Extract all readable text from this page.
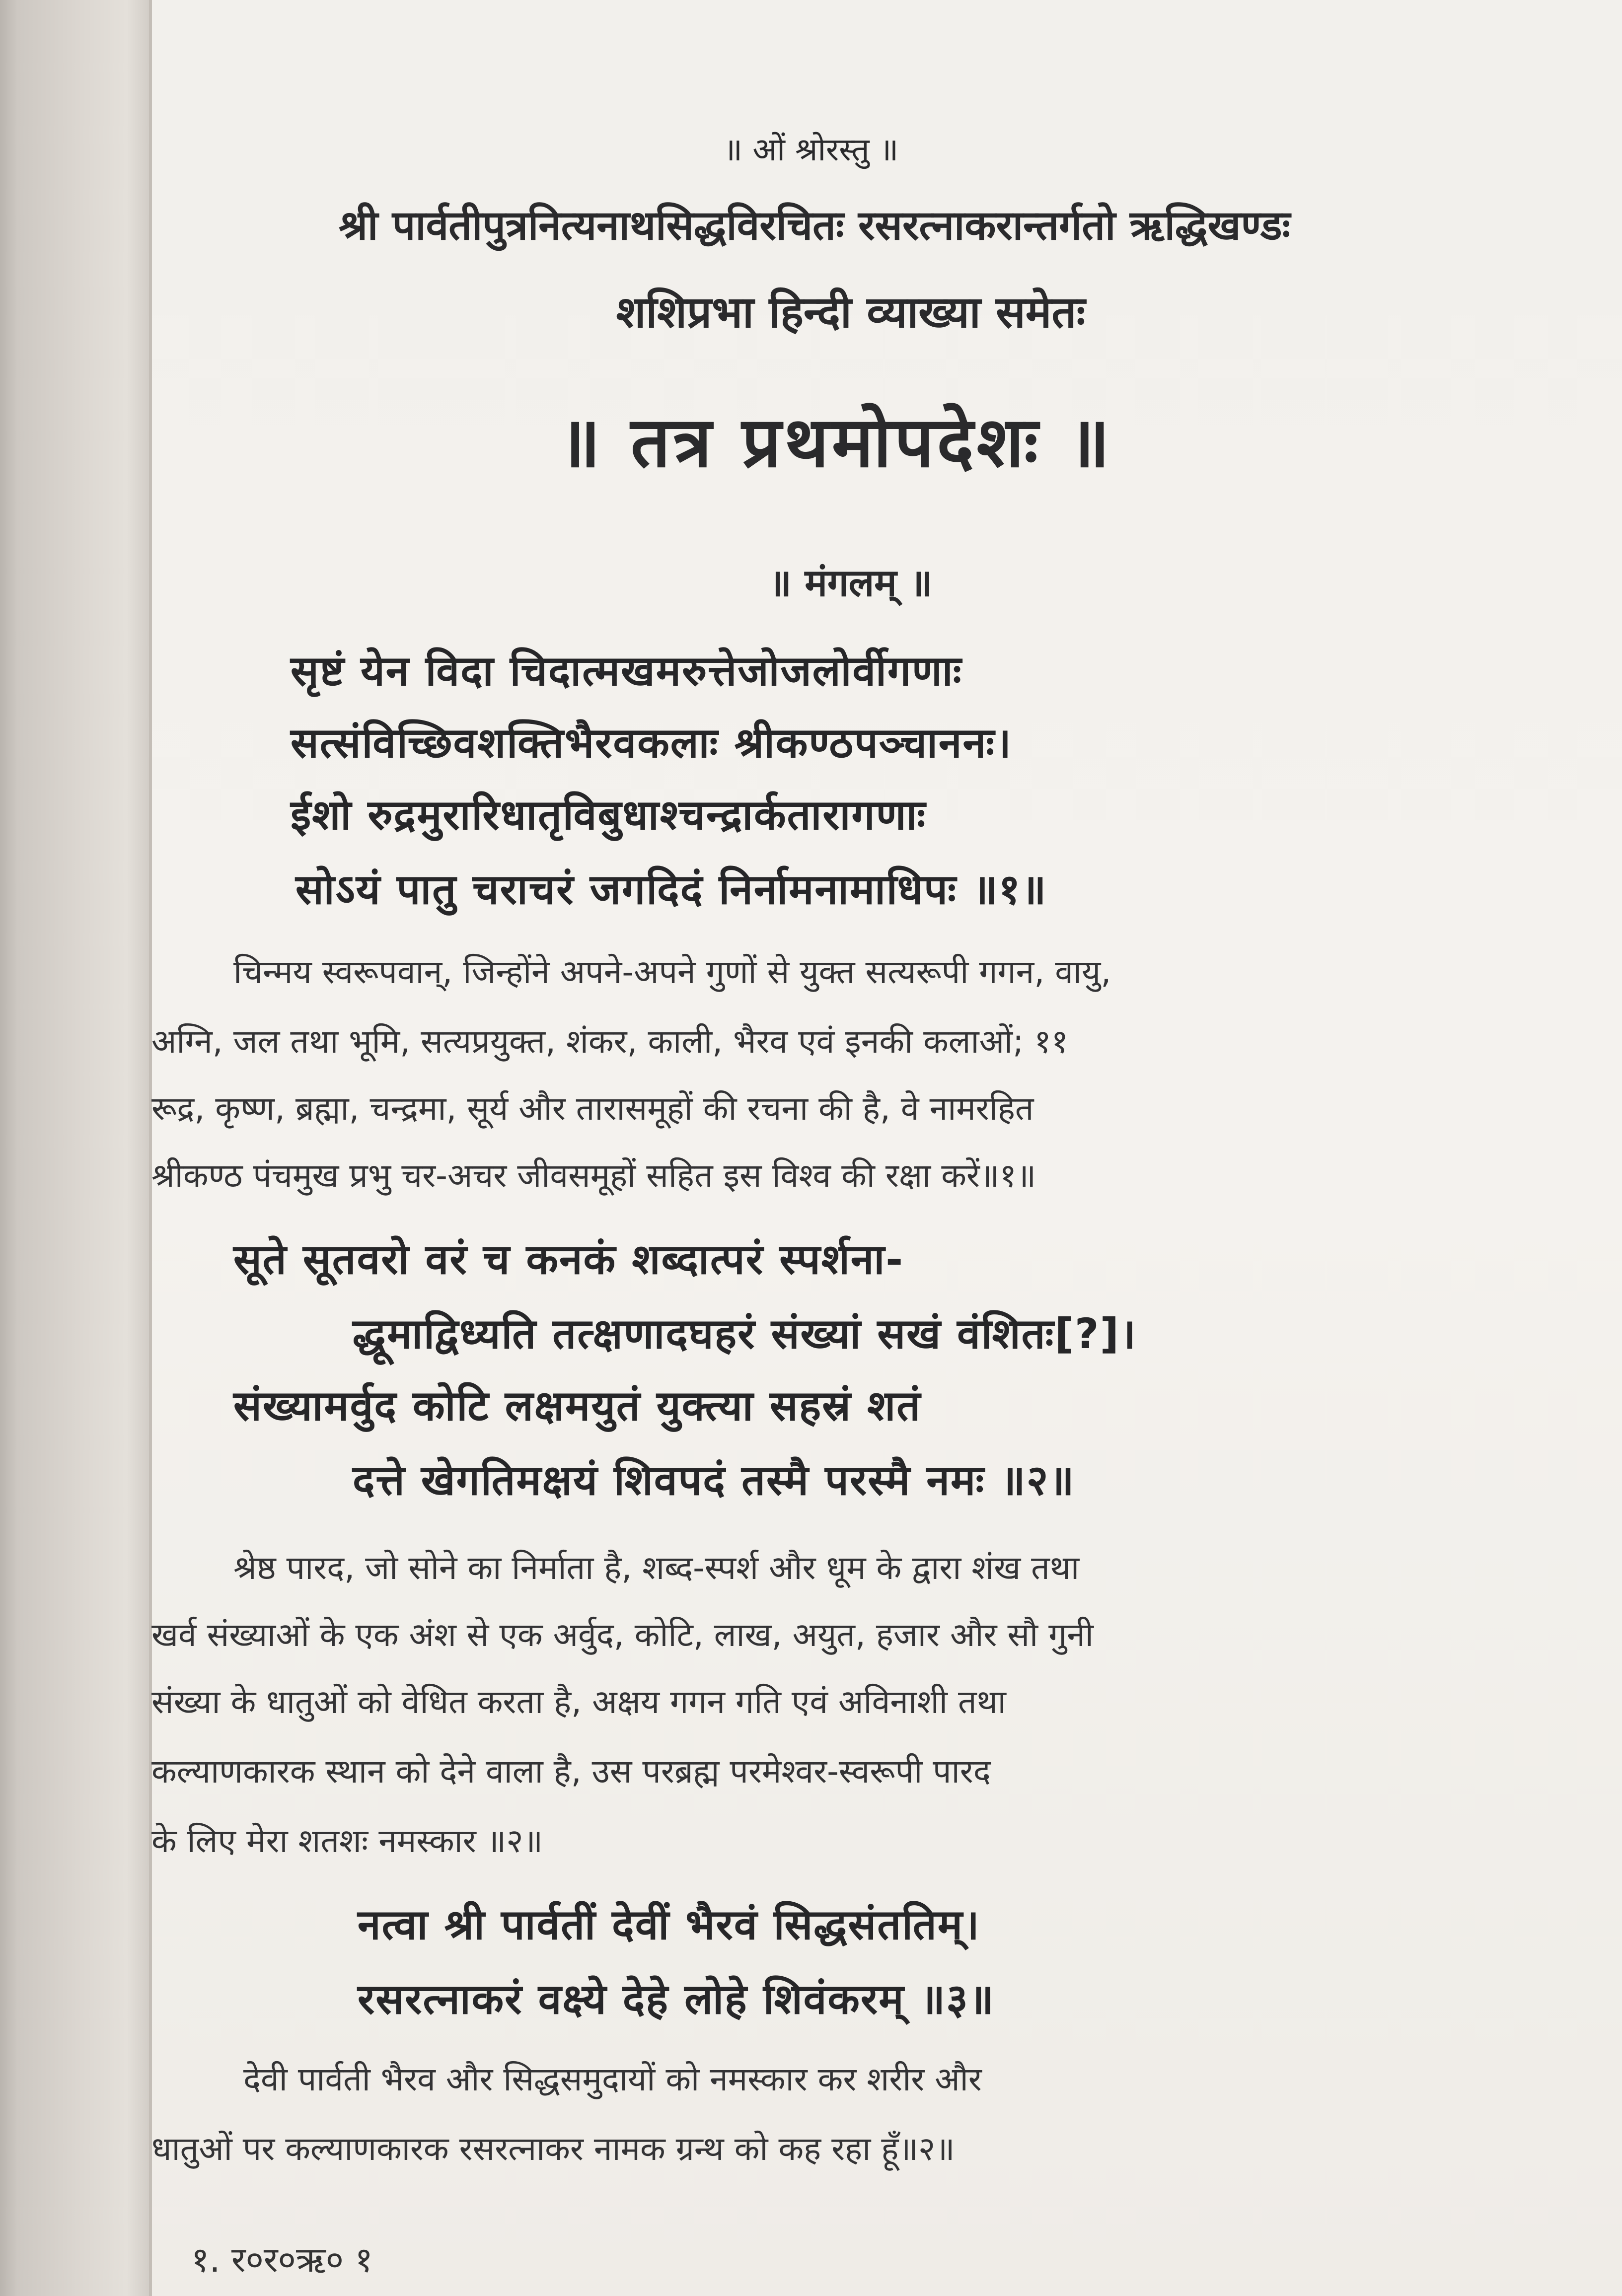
॥ ओं श्रोरस्तु ॥
श्री पार्वतीपुत्रनित्यनाथसिद्धविरचितः रसरत्नाकरान्तर्गतो ऋद्धिखण्डः
शशिप्रभा हिन्दी व्याख्या समेतः
॥ तत्र प्रथमोपदेशः ॥
॥ मंगलम् ॥
सृष्टं येन विदा चिदात्मखमरुत्तेजोजलोर्वीगणाः
सत्संविच्छिवशक्तिभैरवकलाः श्रीकण्ठपञ्चाननः।
ईशो रुद्रमुरारिधातृविबुधाश्चन्द्रार्कतारागणाः
सोऽयं पातु चराचरं जगदिदं निर्नामनामाधिपः ॥१॥
चिन्मय स्वरूपवान्, जिन्होंने अपने-अपने गुणों से युक्त सत्यरूपी गगन, वायु,
अग्नि, जल तथा भूमि, सत्यप्रयुक्त, शंकर, काली, भैरव एवं इनकी कलाओं; ११
रूद्र, कृष्ण, ब्रह्मा, चन्द्रमा, सूर्य और तारासमूहों की रचना की है, वे नामरहित
श्रीकण्ठ पंचमुख प्रभु चर-अचर जीवसमूहों सहित इस विश्व की रक्षा करें॥१॥
सूते सूतवरो वरं च कनकं शब्दात्परं स्पर्शना-
द्धूमाद्विध्यति तत्क्षणादघहरं संख्यां सखं वंशितः[?]।
संख्यामर्वुद कोटि लक्षमयुतं युक्त्या सहस्रं शतं
दत्ते खेगतिमक्षयं शिवपदं तस्मै परस्मै नमः ॥२॥
श्रेष्ठ पारद, जो सोने का निर्माता है, शब्द-स्पर्श और धूम के द्वारा शंख तथा
खर्व संख्याओं के एक अंश से एक अर्वुद, कोटि, लाख, अयुत, हजार और सौ गुनी
संख्या के धातुओं को वेधित करता है, अक्षय गगन गति एवं अविनाशी तथा
कल्याणकारक स्थान को देने वाला है, उस परब्रह्म परमेश्वर-स्वरूपी पारद
के लिए मेरा शतशः नमस्कार ॥२॥
नत्वा श्री पार्वतीं देवीं भैरवं सिद्धसंततिम्।
रसरत्नाकरं वक्ष्ये देहे लोहे शिवंकरम् ॥३॥
देवी पार्वती भैरव और सिद्धसमुदायों को नमस्कार कर शरीर और
धातुओं पर कल्याणकारक रसरत्नाकर नामक ग्रन्थ को कह रहा हूँ॥२॥
१. र०र०ऋ० १
